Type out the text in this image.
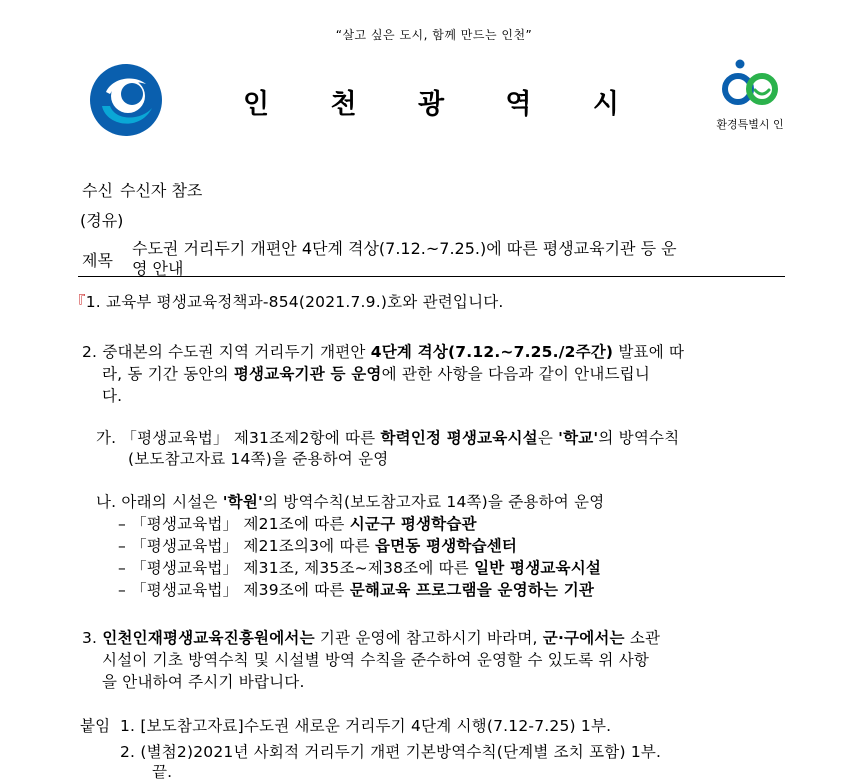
“살고 싶은 도시, 함께 만드는 인천”
인 천 광 역 시
환경특별시 인
수신 수신자 참조
(경유)
제목
수도권 거리두기 개편안 4단계 격상(7.12.~7.25.)에 따른 평생교육기관 등 운
영 안내
『1. 교육부 평생교육정책과-854(2021.7.9.)호와 관련입니다.
2. 중대본의 수도권 지역 거리두기 개편안 4단계 격상(7.12.~7.25./2주간) 발표에 따
라, 동 기간 동안의 평생교육기관 등 운영에 관한 사항을 다음과 같이 안내드립니
다.
가. 「평생교육법」 제31조제2항에 따른 학력인정 평생교육시설은 '학교'의 방역수칙
(보도참고자료 14쪽)을 준용하여 운영
나. 아래의 시설은 '학원'의 방역수칙(보도참고자료 14쪽)을 준용하여 운영
– 「평생교육법」 제21조에 따른 시군구 평생학습관
– 「평생교육법」 제21조의3에 따른 읍면동 평생학습센터
– 「평생교육법」 제31조, 제35조~제38조에 따른 일반 평생교육시설
– 「평생교육법」 제39조에 따른 문해교육 프로그램을 운영하는 기관
3. 인천인재평생교육진흥원에서는 기관 운영에 참고하시기 바라며, 군·구에서는 소관
시설이 기초 방역수칙 및 시설별 방역 수칙을 준수하여 운영할 수 있도록 위 사항
을 안내하여 주시기 바랍니다.
붙임 1. [보도참고자료]수도권 새로운 거리두기 4단계 시행(7.12-7.25) 1부.
2. (별첨2)2021년 사회적 거리두기 개편 기본방역수칙(단계별 조치 포함) 1부.
끝.
